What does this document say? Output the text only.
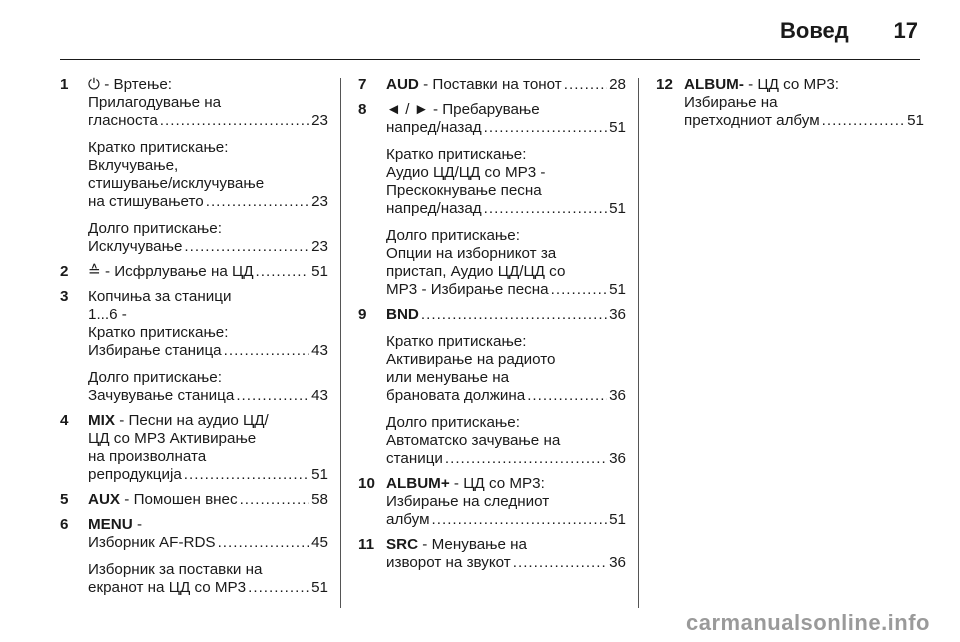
Вовед 17
1 ⏻ - Вртење:
Прилагодување на
гласноста .....	23
Кратко притискање:
Вклучување,
стишување/исклучување
на стишувањето .....	23
Долго притискање:
Исклучување .....	23
2 ≙ - Исфрлување на ЦД .....	51
3 Копчиња за станици
1...6 -
Кратко притискање:
Избирање станица .....	43
Долго притискање:
Зачувување станица .....	43
4 MIX - Песни на аудио ЦД/
ЦД со MP3 Активирање
на произволната
репродукција .....	51
5 AUX - Помошен внес .....	58
6 MENU -
Изборник AF-RDS .....	45
Изборник за поставки на
екранот на ЦД со MP3 .....	51
7 AUD - Поставки на тонот .....	28
8 ◄ / ► - Пребарување
напред/назад .....	51
Кратко притискање:
Аудио ЦД/ЦД со MP3 -
Прескокнување песна
напред/назад .....	51
Долго притискање:
Опции на изборникот за
пристап, Аудио ЦД/ЦД со
MP3 - Избирање песна .....	51
9 BND .....	36
Кратко притискање:
Активирање на радиото
или менување на
брановата должина .....	36
Долго притискање:
Автоматско зачување на
станици .....	36
10 ALBUM+ - ЦД со MP3:
Избирање на следниот
албум .....	51
11 SRC - Менување на
изворот на звукот .....	36
12 ALBUM- - ЦД со MP3:
Избирање на
претходниот албум .....	51
carmanualsonline.info
